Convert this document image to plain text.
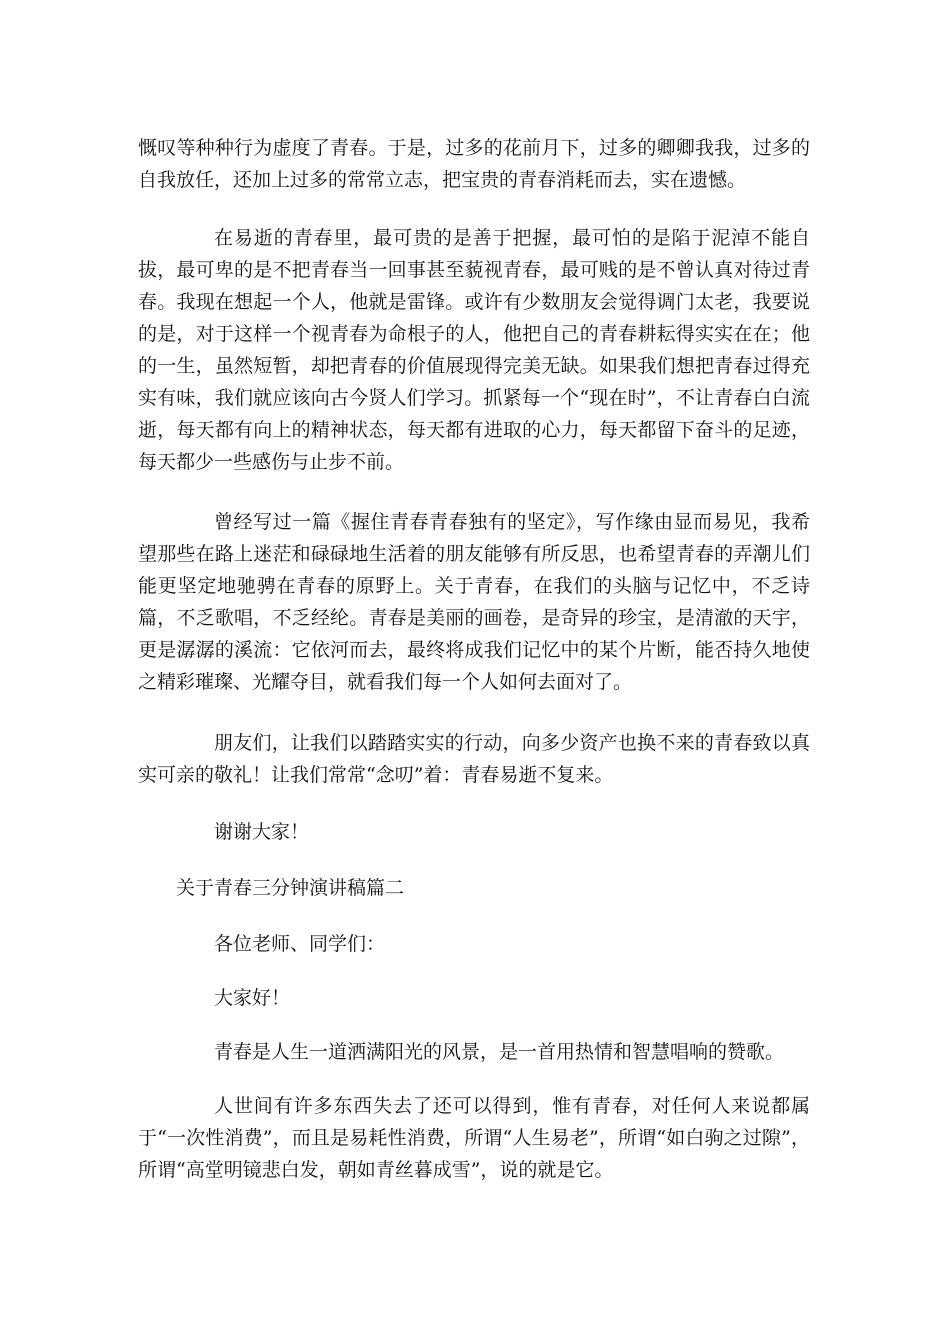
慨叹等种种行为虚度了青春。于是，过多的花前月下，过多的卿卿我我，过多的自我放任，还加上过多的常常立志，把宝贵的青春消耗而去，实在遗憾。

在易逝的青春里，最可贵的是善于把握，最可怕的是陷于泥淖不能自拔，最可卑的是不把青春当一回事甚至藐视青春，最可贱的是不曾认真对待过青春。我现在想起一个人，他就是雷锋。或许有少数朋友会觉得调门太老，我要说的是，对于这样一个视青春为命根子的人，他把自己的青春耕耘得实实在在；他的一生，虽然短暂，却把青春的价值展现得完美无缺。如果我们想把青春过得充实有味，我们就应该向古今贤人们学习。抓紧每一个“现在时”，不让青春白白流逝，每天都有向上的精神状态，每天都有进取的心力，每天都留下奋斗的足迹，每天都少一些感伤与止步不前。

曾经写过一篇《握住青春青春独有的坚定》，写作缘由显而易见，我希望那些在路上迷茫和碌碌地生活着的朋友能够有所反思，也希望青春的弄潮儿们能更坚定地驰骋在青春的原野上。关于青春，在我们的头脑与记忆中，不乏诗篇，不乏歌唱，不乏经纶。青春是美丽的画卷，是奇异的珍宝，是清澈的天宇，更是潺潺的溪流：它依河而去，最终将成我们记忆中的某个片断，能否持久地使之精彩璀璨、光耀夺目，就看我们每一个人如何去面对了。

朋友们，让我们以踏踏实实的行动，向多少资产也换不来的青春致以真实可亲的敬礼！让我们常常“念叨”着：青春易逝不复来。

谢谢大家！

关于青春三分钟演讲稿篇二

各位老师、同学们：

大家好！

青春是人生一道洒满阳光的风景，是一首用热情和智慧唱响的赞歌。

人世间有许多东西失去了还可以得到，惟有青春，对任何人来说都属于“一次性消费”，而且是易耗性消费，所谓“人生易老”，所谓“如白驹之过隙”，所谓“高堂明镜悲白发，朝如青丝暮成雪”，说的就是它。
